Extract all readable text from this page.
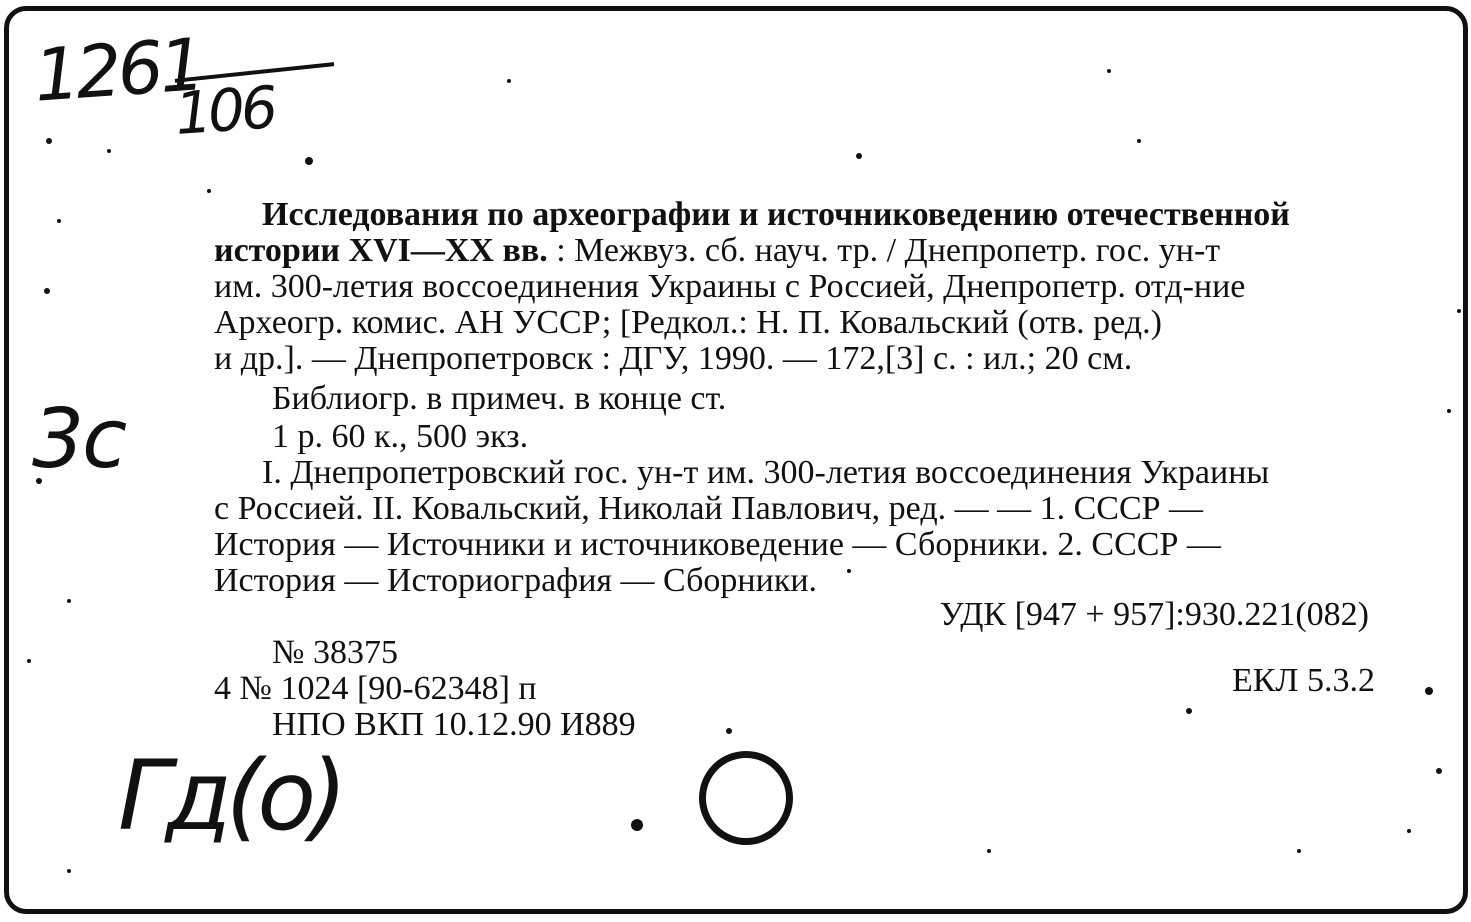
1261
106
3c
Гд(о)
Исследования по археографии и источниковедению отечественной
истории XVI—XX вв. : Межвуз. сб. науч. тр. / Днепропетр. гос. ун-т
им. 300-летия воссоединения Украины с Россией, Днепропетр. отд-ние
Археогр. комис. АН УССР; [Редкол.: Н. П. Ковальский (отв. ред.)
и др.]. — Днепропетровск : ДГУ, 1990. — 172,[3] с. : ил.; 20 см.
Библиогр. в примеч. в конце ст.
1 р. 60 к., 500 экз.
I. Днепропетровский гос. ун-т им. 300-летия воссоединения Украины
с Россией. II. Ковальский, Николай Павлович, ред. — — 1. СССР —
История — Источники и источниковедение — Сборники. 2. СССР —
История — Историография — Сборники.
УДК [947 + 957]:930.221(082)
№ 38375
4 № 1024 [90-62348] п	ЕКЛ 5.3.2
НПО ВКП 10.12.90 И889
